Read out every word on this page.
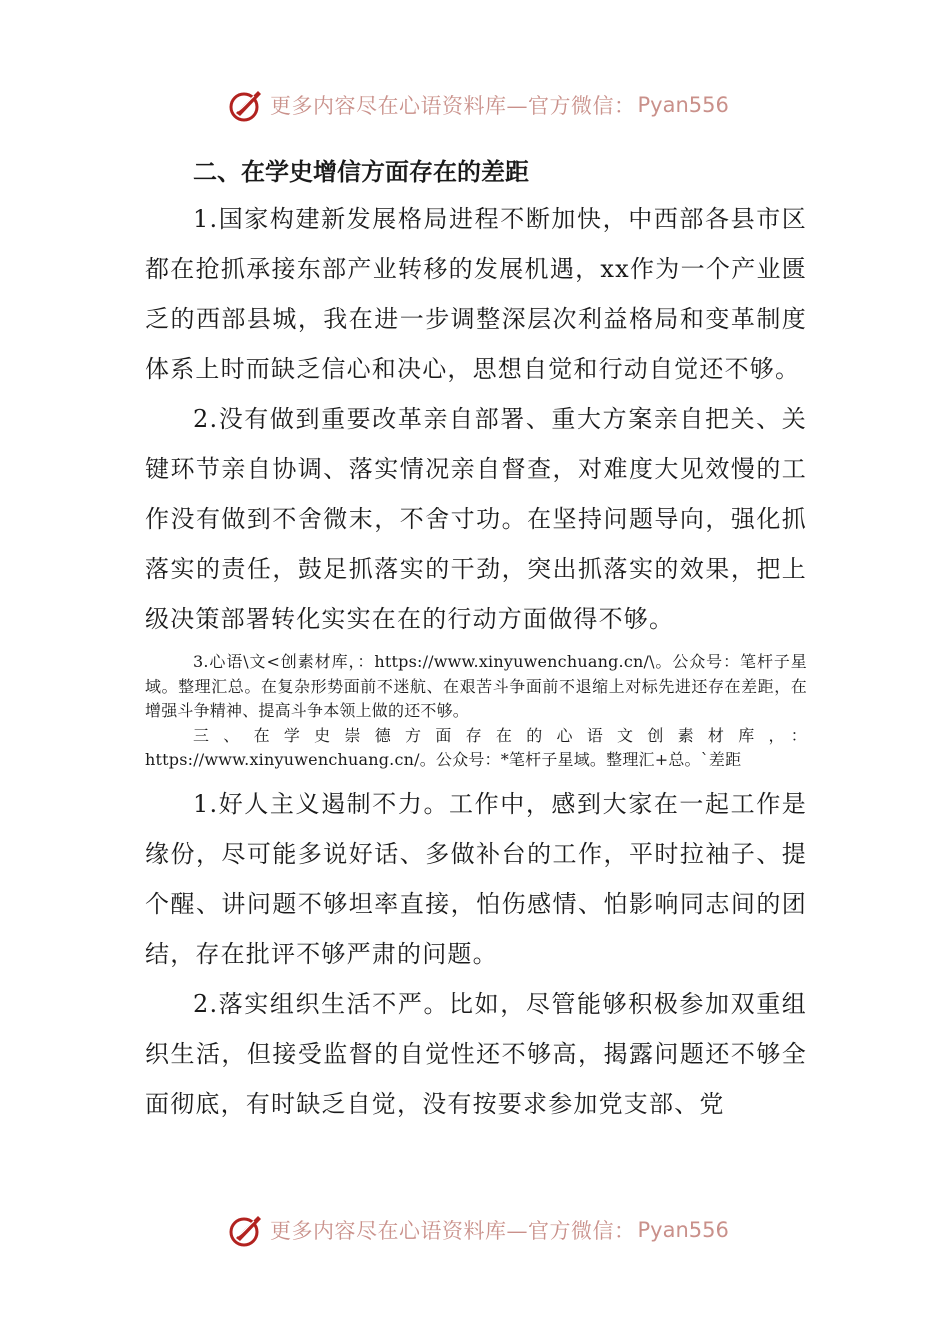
更多内容尽在心语资料库—官方微信： Pyan556
二、在学史增信方面存在的差距

1.国家构建新发展格局进程不断加快，中西部各县市区都在抢抓承接东部产业转移的发展机遇，xx作为一个产业匮乏的西部县城，我在进一步调整深层次利益格局和变革制度体系上时而缺乏信心和决心，思想自觉和行动自觉还不够。

2.没有做到重要改革亲自部署、重大方案亲自把关、关键环节亲自协调、落实情况亲自督查，对难度大见效慢的工作没有做到不舍微末，不舍寸功。在坚持问题导向，强化抓落实的责任，鼓足抓落实的干劲，突出抓落实的效果，把上级决策部署转化实实在在的行动方面做得不够。

3.心语\文<创素材库，：https://www.xinyuwenchuang.cn/\。公众号：笔杆子星域。整理汇总。在复杂形势面前不迷航、在艰苦斗争面前不退缩上对标先进还存在差距，在增强斗争精神、提高斗争本领上做的还不够。

三、在学史崇德方面存在的心语文创素材库，：https://www.xinyuwenchuang.cn/。公众号：*笔杆子星域。整理汇+总。`差距

1.好人主义遏制不力。工作中，感到大家在一起工作是缘份，尽可能多说好话、多做补台的工作，平时拉袖子、提个醒、讲问题不够坦率直接，怕伤感情、怕影响同志间的团结，存在批评不够严肃的问题。

2.落实组织生活不严。比如，尽管能够积极参加双重组织生活，但接受监督的自觉性还不够高，揭露问题还不够全面彻底，有时缺乏自觉，没有按要求参加党支部、党

更多内容尽在心语资料库—官方微信： Pyan556
